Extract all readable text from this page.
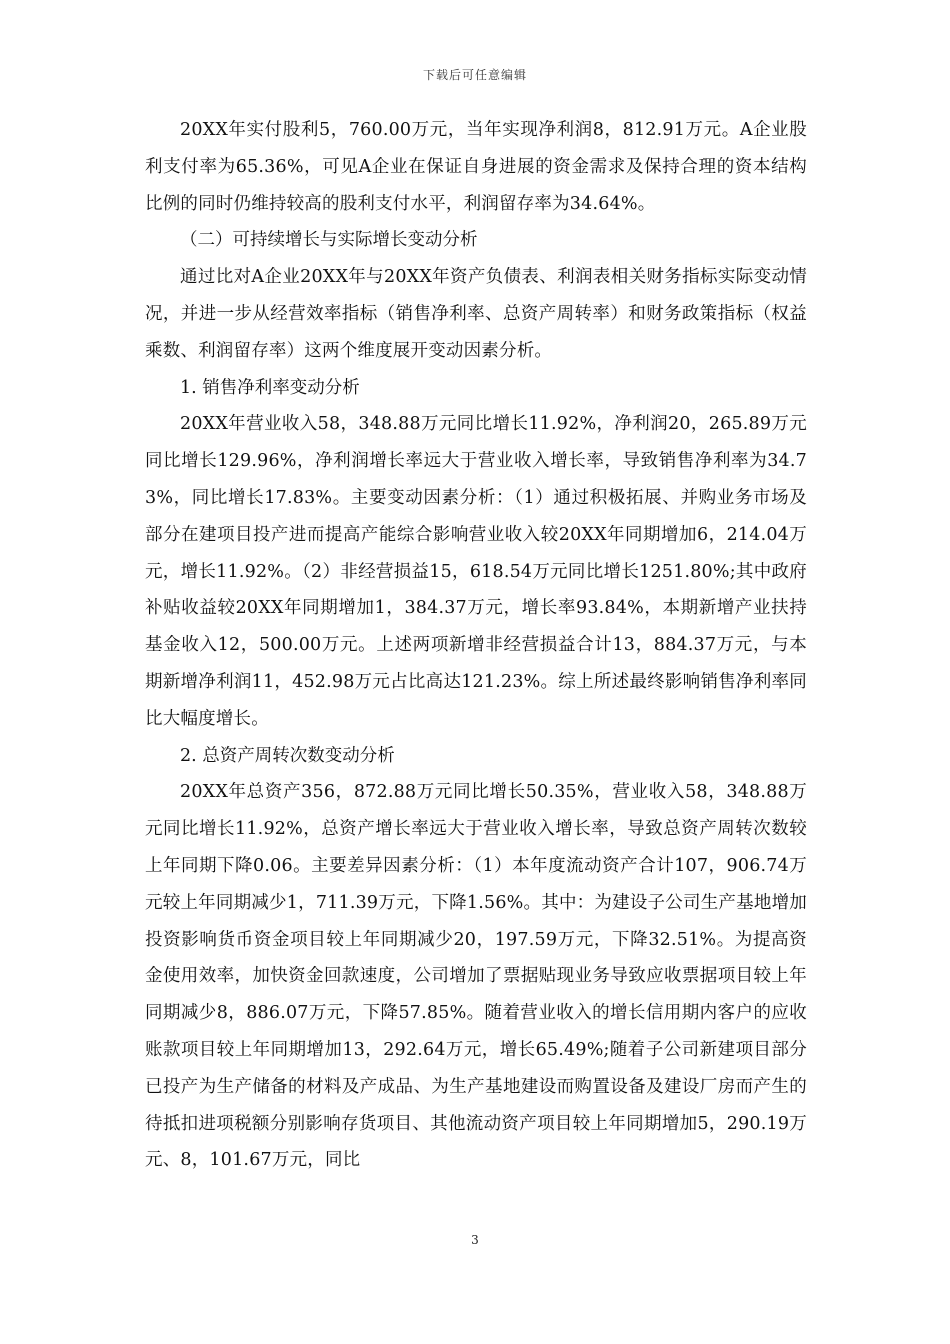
下载后可任意编辑

20XX年实付股利5，760.00万元，当年实现净利润8，812.91万元。A企业股利支付率为65.36%，可见A企业在保证自身进展的资金需求及保持合理的资本结构比例的同时仍维持较高的股利支付水平，利润留存率为34.64%。

（二）可持续增长与实际增长变动分析

通过比对A企业20XX年与20XX年资产负债表、利润表相关财务指标实际变动情况，并进一步从经营效率指标（销售净利率、总资产周转率）和财务政策指标（权益乘数、利润留存率）这两个维度展开变动因素分析。

1. 销售净利率变动分析

20XX年营业收入58，348.88万元同比增长11.92%，净利润20，265.89万元同比增长129.96%，净利润增长率远大于营业收入增长率，导致销售净利率为34.73%，同比增长17.83%。主要变动因素分析：（1）通过积极拓展、并购业务市场及部分在建项目投产进而提高产能综合影响营业收入较20XX年同期增加6，214.04万元，增长11.92%。（2）非经营损益15，618.54万元同比增长1251.80%;其中政府补贴收益较20XX年同期增加1，384.37万元，增长率93.84%，本期新增产业扶持基金收入12，500.00万元。上述两项新增非经营损益合计13，884.37万元，与本期新增净利润11，452.98万元占比高达121.23%。综上所述最终影响销售净利率同比大幅度增长。

2. 总资产周转次数变动分析

20XX年总资产356，872.88万元同比增长50.35%，营业收入58，348.88万元同比增长11.92%，总资产增长率远大于营业收入增长率，导致总资产周转次数较上年同期下降0.06。主要差异因素分析：（1）本年度流动资产合计107，906.74万元较上年同期减少1，711.39万元，下降1.56%。其中：为建设子公司生产基地增加投资影响货币资金项目较上年同期减少20，197.59万元，下降32.51%。为提高资金使用效率，加快资金回款速度，公司增加了票据贴现业务导致应收票据项目较上年同期减少8，886.07万元，下降57.85%。随着营业收入的增长信用期内客户的应收账款项目较上年同期增加13，292.64万元，增长65.49%;随着子公司新建项目部分已投产为生产储备的材料及产成品、为生产基地建设而购置设备及建设厂房而产生的待抵扣进项税额分别影响存货项目、其他流动资产项目较上年同期增加5，290.19万元、8，101.67万元，同比

3
